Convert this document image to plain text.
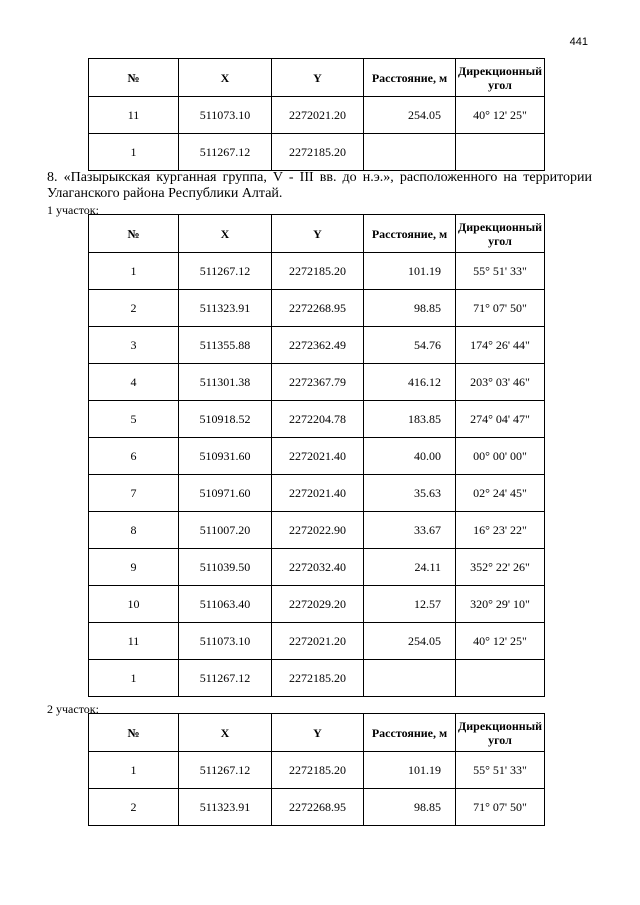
441
№	X	Y	Расстояние, м	Дирекционный угол
11	511073.10	2272021.20	254.05	40° 12' 25"
1	511267.12	2272185.20		
8. «Пазырыкская курганная группа, V - III вв. до н.э.», расположенного на территории Улаганского района Республики Алтай.
1 участок:
№	X	Y	Расстояние, м	Дирекционный угол
1	511267.12	2272185.20	101.19	55° 51' 33"
2	511323.91	2272268.95	98.85	71° 07' 50"
3	511355.88	2272362.49	54.76	174° 26' 44"
4	511301.38	2272367.79	416.12	203° 03' 46"
5	510918.52	2272204.78	183.85	274° 04' 47"
6	510931.60	2272021.40	40.00	00° 00' 00"
7	510971.60	2272021.40	35.63	02° 24' 45"
8	511007.20	2272022.90	33.67	16° 23' 22"
9	511039.50	2272032.40	24.11	352° 22' 26"
10	511063.40	2272029.20	12.57	320° 29' 10"
11	511073.10	2272021.20	254.05	40° 12' 25"
1	511267.12	2272185.20		
2 участок:
№	X	Y	Расстояние, м	Дирекционный угол
1	511267.12	2272185.20	101.19	55° 51' 33"
2	511323.91	2272268.95	98.85	71° 07' 50"
